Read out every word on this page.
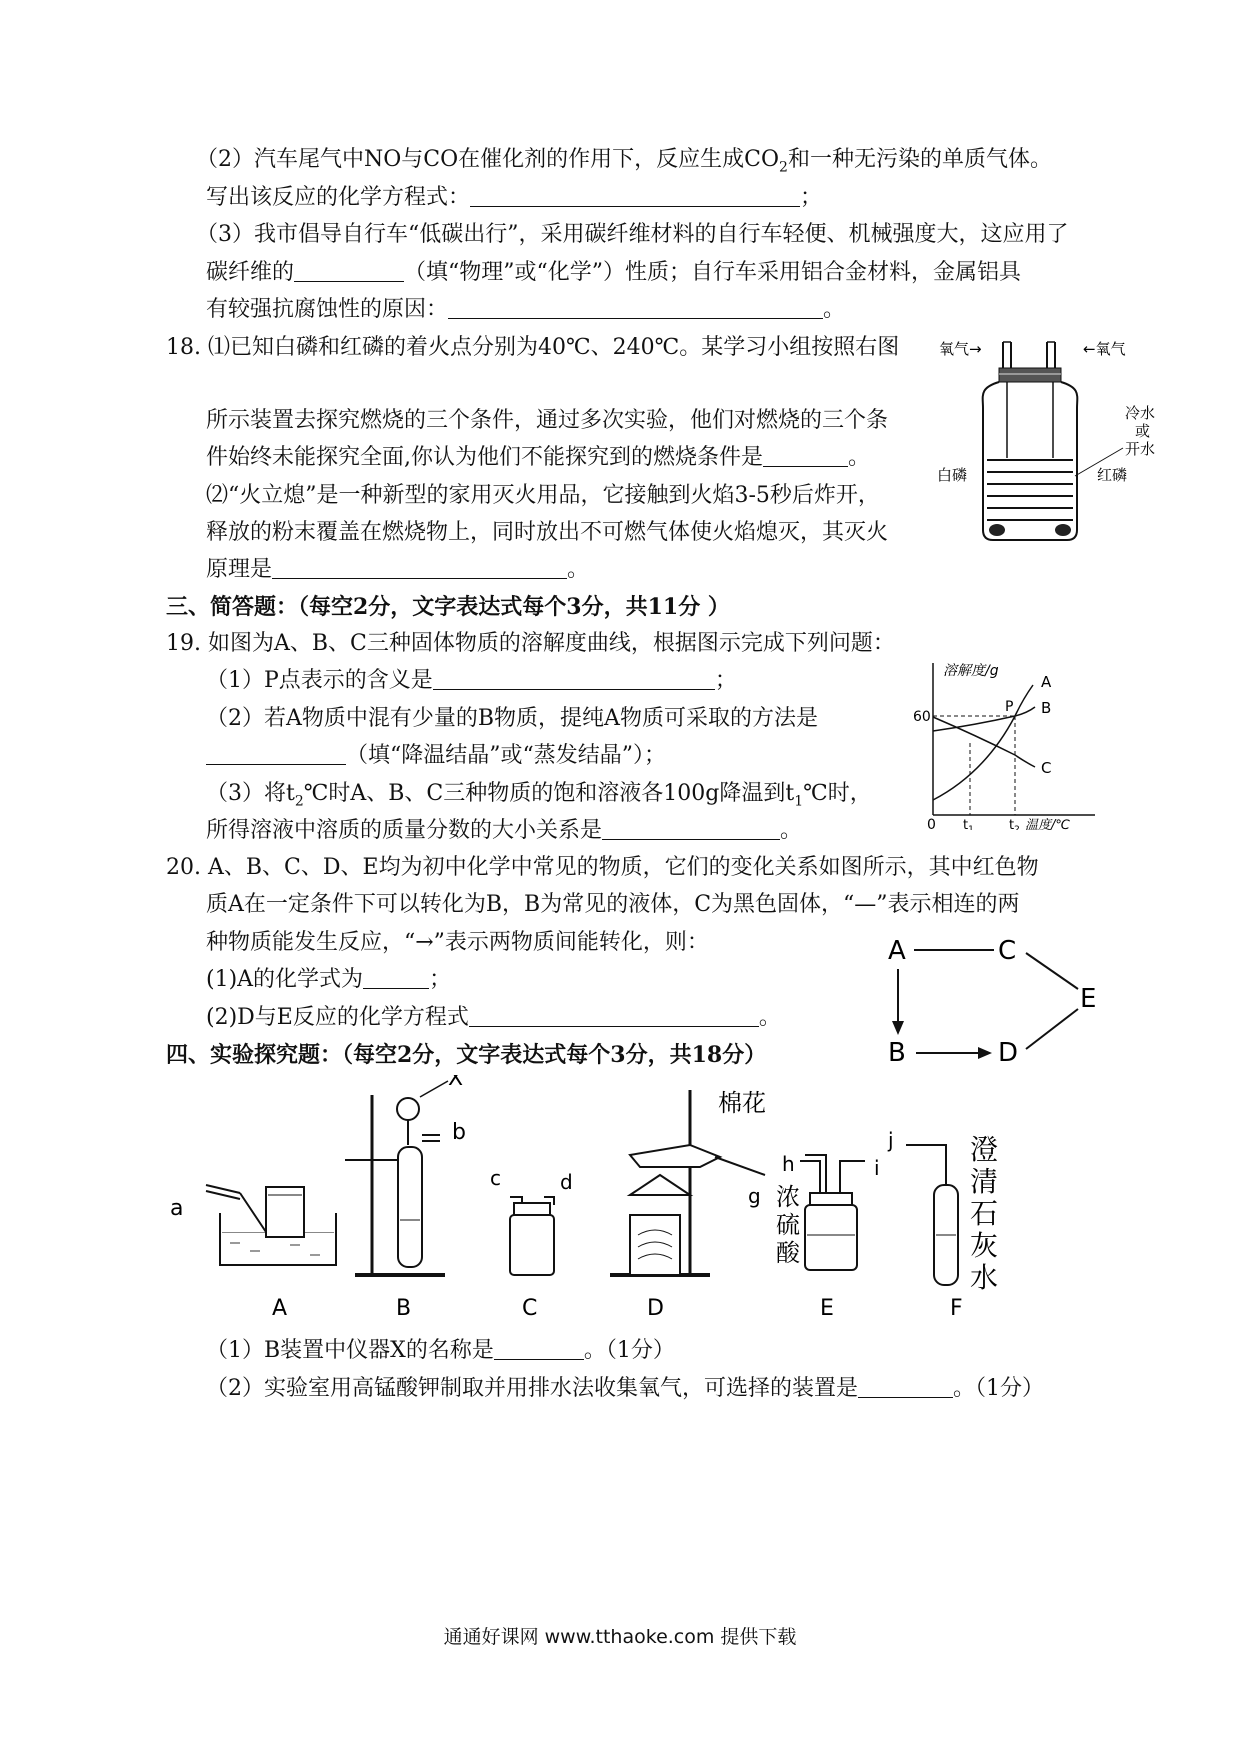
（2）汽车尾气中NO与CO在催化剂的作用下，反应生成$CO_2$和一种无污染的单质气体。
写出该反应的化学方程式：	；
（3）我市倡导自行车“低碳出行”，采用碳纤维材料的自行车轻便、机械强度大，这应用了
碳纤维的	（填“物理”或“化学”）性质；自行车采用铝合金材料，金属铝具
有较强抗腐蚀性的原因：	。
18. ⑴已知白磷和红磷的着火点分别为40℃、240℃。某学习小组按照右图
所示装置去探究燃烧的三个条件，通过多次实验，他们对燃烧的三个条
件始终未能探究全面,你认为他们不能探究到的燃烧条件是	。
⑵“火立熄”是一种新型的家用灭火用品，它接触到火焰3-5秒后炸开，
释放的粉末覆盖在燃烧物上，同时放出不可燃气体使火焰熄灭，其灭火
原理是	。
氧气→	←氧气
冷水
或
开水
白磷	红磷
三、简答题：（每空2分，文字表达式每个3分，共11分 ）
19. 如图为A、B、C三种固体物质的溶解度曲线，根据图示完成下列问题：
（1）P点表示的含义是	；
（2）若A物质中混有少量的B物质，提纯A物质可采取的方法是
（填“降温结晶”或“蒸发结晶”）；
（3）将$t_2℃$时A、B、C三种物质的饱和溶液各100g降温到$t_1℃$时，
所得溶液中溶质的质量分数的大小关系是	。
溶解度/g
温度/℃
60
0 $t_1$	$t_2$
P
A
B
C
20. A、B、C、D、E均为初中化学中常见的物质，它们的变化关系如图所示，其中红色物
质A在一定条件下可以转化为B，B为常见的液体，C为黑色固体，“—”表示相连的两
种物质能发生反应，“→”表示两物质间能转化，则：
(1)A的化学式为	；
(2)D与E反应的化学方程式	。
A	C
E
B	D
四、实验探究题：（每空2分，文字表达式每个3分，共18分）
a
A
X
b
B
c	d
C
棉花
g
D
h	i
浓
硫
酸
E
j	澄
清
石
灰
水
F
（1）B装置中仪器X的名称是	。（1分）
（2）实验室用高锰酸钾制取并用排水法收集氧气，可选择的装置是	。（1分）
通通好课网 www.tthaoke.com 提供下载
